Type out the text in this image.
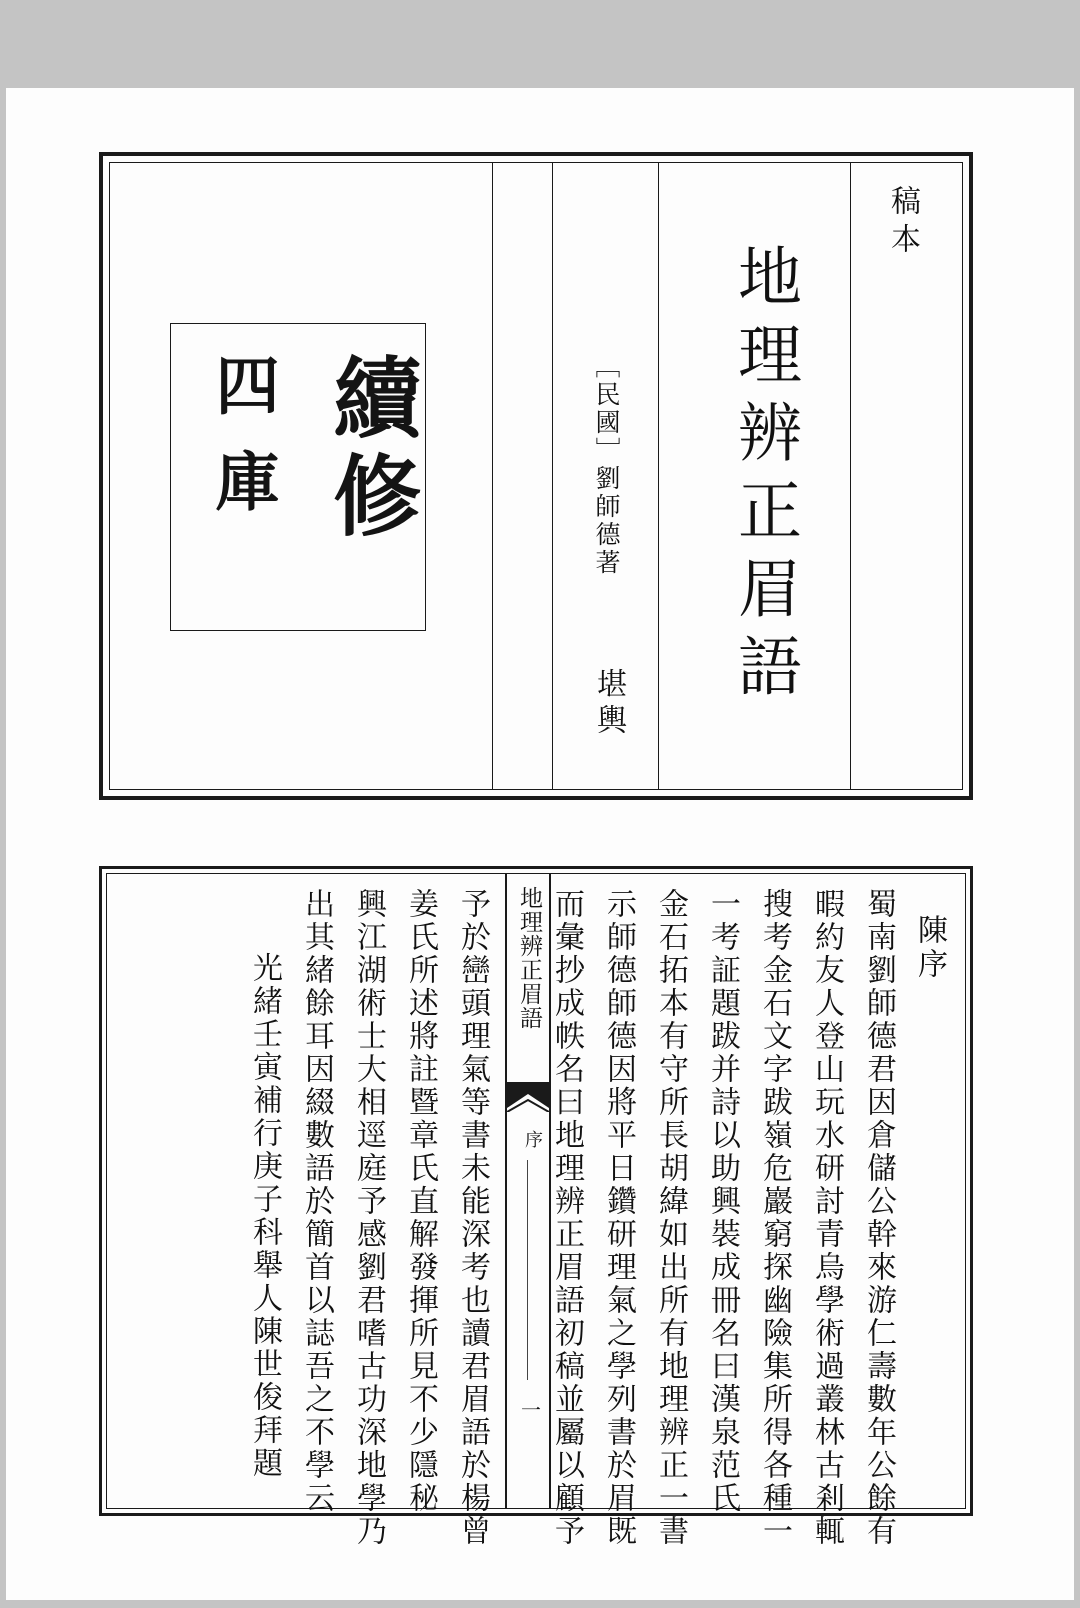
續修
四庫
稿本
地理辨正眉語
［民國］劉師德著
堪輿
地理辨正眉語
序
一
陳序
蜀南劉師德君因倉儲公幹來游仁壽數年公餘有
暇約友人登山玩水研討青烏學術過叢林古剎輒
搜考金石文字跋嶺危巖窮探幽險集所得各種一
一考証題跋并詩以助興裝成冊名曰漢泉范氏
金石拓本有守所長胡緯如出所有地理辨正一書
示師德師德因將平日鑽研理氣之學列書於眉既
而彙抄成帙名曰地理辨正眉語初稿並屬以顧予
予於巒頭理氣等書未能深考也讀君眉語於楊曾
姜氏所述將註暨章氏直解發揮所見不少隱秘
興江湖術士大相逕庭予感劉君嗜古功深地學乃
出其緒餘耳因綴數語於簡首以誌吾之不學云
光緒壬寅補行庚子科舉人陳世俊拜題
